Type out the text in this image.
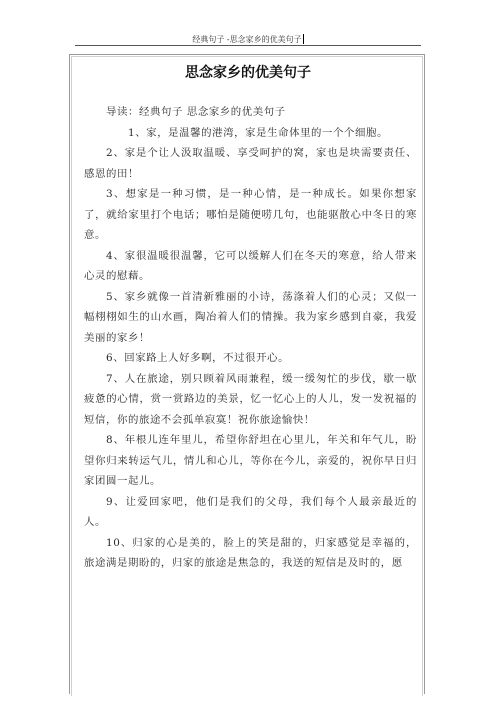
经典句子 -思念家乡的优美句子
思念家乡的优美句子

导读：经典句子 思念家乡的优美句子

1、家，是温馨的港湾，家是生命体里的一个个细胞。

2、家是个让人汲取温暖、享受呵护的窝，家也是块需要责任、感恩的田！

3、想家是一种习惯，是一种心情，是一种成长。如果你想家了，就给家里打个电话；哪怕是随便唠几句，也能驱散心中冬日的寒意。

4、家很温暖很温馨，它可以缓解人们在冬天的寒意，给人带来心灵的慰藉。

5、家乡就像一首清新雅丽的小诗，荡涤着人们的心灵；又似一幅栩栩如生的山水画，陶冶着人们的情操。我为家乡感到自豪，我爱美丽的家乡！

6、回家路上人好多啊，不过很开心。

7、人在旅途，别只顾着风雨兼程，缓一缓匆忙的步伐，歇一歇疲惫的心情，赏一赏路边的美景，忆一忆心上的人儿，发一发祝福的短信，你的旅途不会孤单寂寞！祝你旅途愉快！

8、年根儿连年里儿，希望你舒坦在心里儿，年关和年气儿，盼望你归来转运气儿，情儿和心儿，等你在今儿，亲爱的，祝你早日归家团圆一起儿。

9、让爱回家吧，他们是我们的父母，我们每个人最亲最近的人。

10、归家的心是美的，脸上的笑是甜的，归家感觉是幸福的，旅途满是期盼的，归家的旅途是焦急的，我送的短信是及时的，愿
